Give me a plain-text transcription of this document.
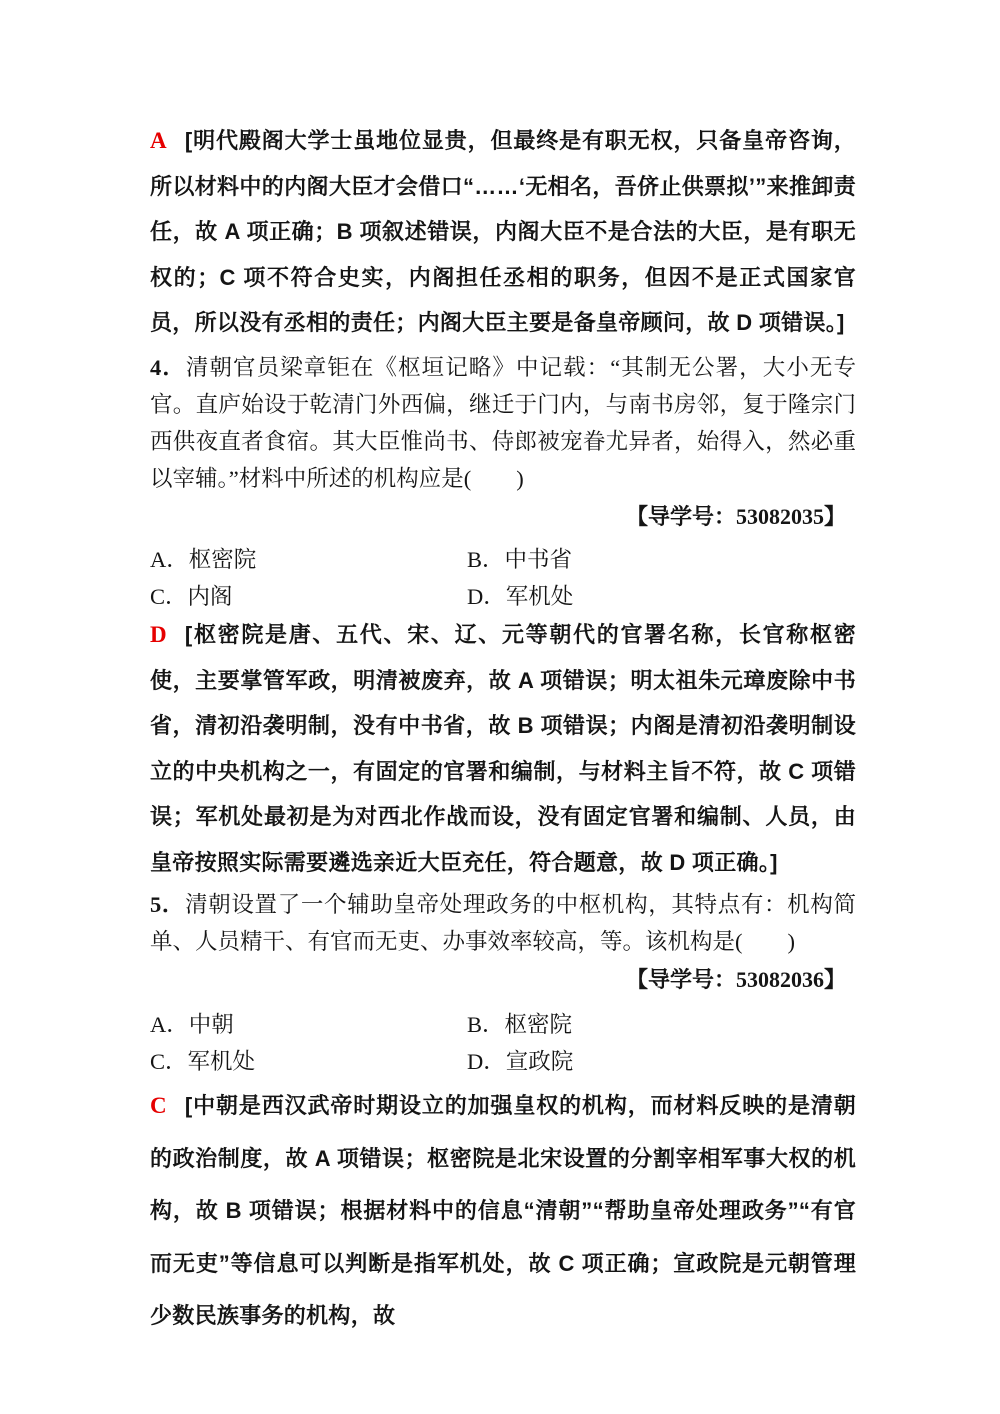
A [明代殿阁大学士虽地位显贵，但最终是有职无权，只备皇帝咨询，所以材料中的内阁大臣才会借口“……‘无相名，吾侪止供票拟’”来推卸责任，故 A 项正确；B 项叙述错误，内阁大臣不是合法的大臣，是有职无权的；C 项不符合史实，内阁担任丞相的职务，但因不是正式国家官员，所以没有丞相的责任；内阁大臣主要是备皇帝顾问，故 D 项错误。]
4．清朝官员梁章钜在《枢垣记略》中记载：“其制无公署，大小无专官。直庐始设于乾清门外西偏，继迁于门内，与南书房邻，复于隆宗门西供夜直者食宿。其大臣惟尚书、侍郎被宠眷尤异者，始得入，然必重以宰辅。”材料中所述的机构应是(　　)
【导学号：53082035】
A．枢密院	B．中书省
C．内阁	D．军机处
D [枢密院是唐、五代、宋、辽、元等朝代的官署名称，长官称枢密使，主要掌管军政，明清被废弃，故 A 项错误；明太祖朱元璋废除中书省，清初沿袭明制，没有中书省，故 B 项错误；内阁是清初沿袭明制设立的中央机构之一，有固定的官署和编制，与材料主旨不符，故 C 项错误；军机处最初是为对西北作战而设，没有固定官署和编制、人员，由皇帝按照实际需要遴选亲近大臣充任，符合题意，故 D 项正确。]
5．清朝设置了一个辅助皇帝处理政务的中枢机构，其特点有：机构简单、人员精干、有官而无吏、办事效率较高，等。该机构是(　　)
【导学号：53082036】
A．中朝	B．枢密院
C．军机处	D．宣政院
C [中朝是西汉武帝时期设立的加强皇权的机构，而材料反映的是清朝的政治制度，故 A 项错误；枢密院是北宋设置的分割宰相军事大权的机构，故 B 项错误；根据材料中的信息“清朝”“帮助皇帝处理政务”“有官而无吏”等信息可以判断是指军机处，故 C 项正确；宣政院是元朝管理少数民族事务的机构，故
